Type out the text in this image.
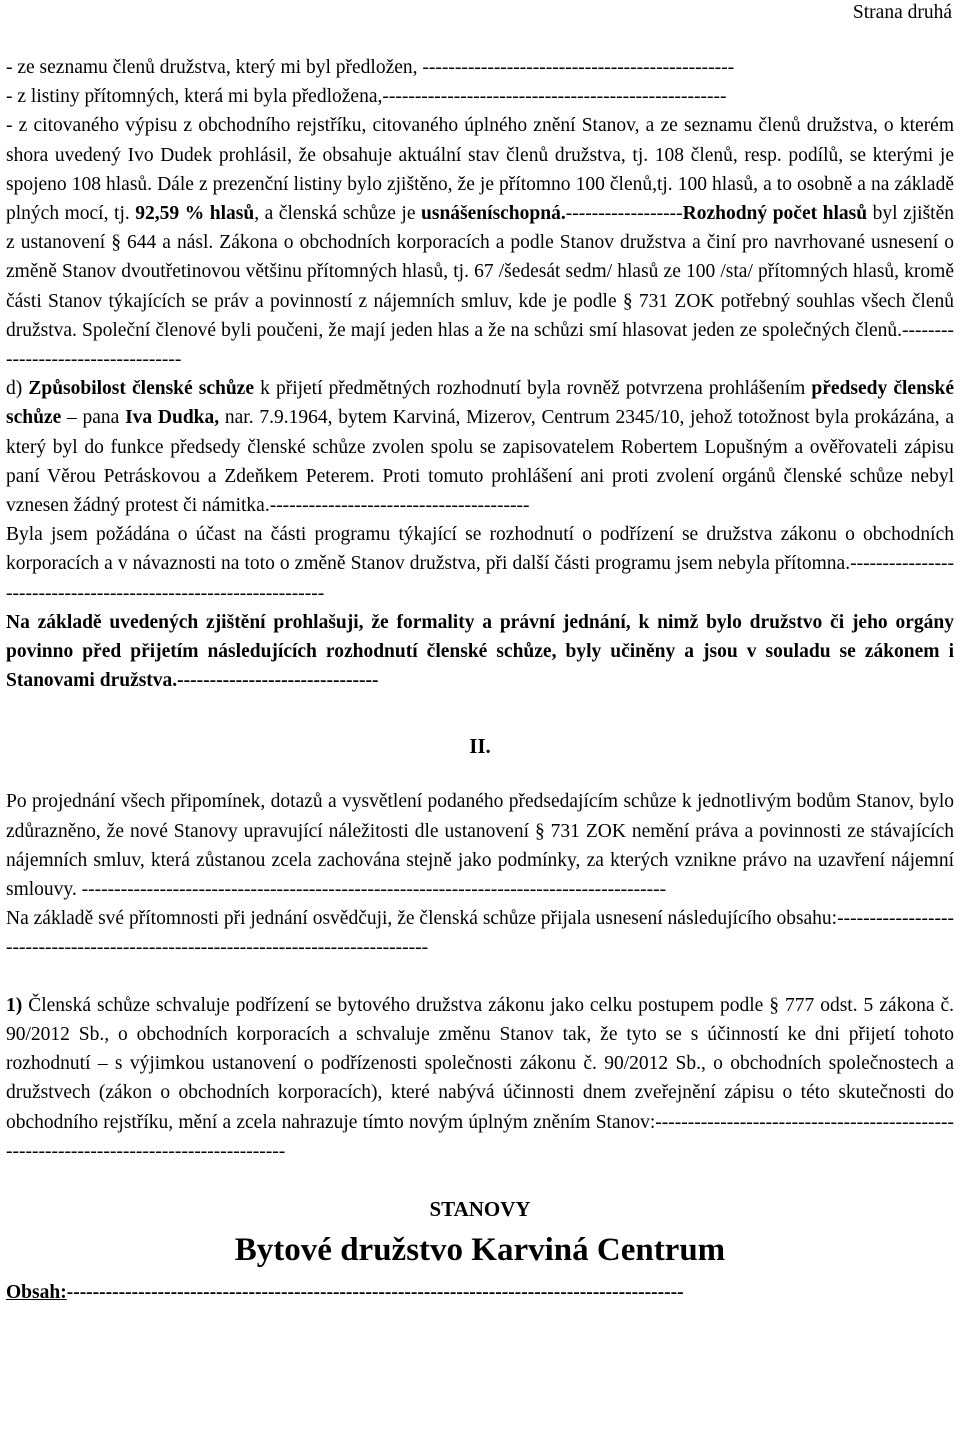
Strana druhá

- ze seznamu členů družstva, který mi byl předložen, ------------------------------------------------

- z listiny přítomných, která mi byla předložena,-----------------------------------------------------

- z citovaného výpisu z obchodního rejstříku, citovaného úplného znění Stanov, a ze seznamu členů družstva, o kterém shora uvedený Ivo Dudek prohlásil, že obsahuje aktuální stav členů družstva, tj. 108 členů, resp. podílů, se kterými je spojeno 108 hlasů. Dále z prezenční listiny bylo zjištěno, že je přítomno 100 členů,tj. 100 hlasů, a to osobně a na základě plných mocí, tj. 92,59 % hlasů, a členská schůze je usnášeníschopná.------------------Rozhodný počet hlasů byl zjištěn z ustanovení § 644 a násl. Zákona o obchodních korporacích a podle Stanov družstva a činí pro navrhované usnesení o změně Stanov dvoutřetinovou většinu přítomných hlasů, tj. 67 /šedesát sedm/ hlasů ze 100 /sta/ přítomných hlasů, kromě části Stanov týkajících se práv a povinností z nájemních smluv, kde je podle § 731 ZOK potřebný souhlas všech členů družstva. Společní členové byli poučeni, že mají jeden hlas a že na schůzi smí hlasovat jeden ze společných členů.-----------------------------------

d) Způsobilost členské schůze k přijetí předmětných rozhodnutí byla rovněž potvrzena prohlášením předsedy členské schůze – pana Iva Dudka, nar. 7.9.1964, bytem Karviná, Mizerov, Centrum 2345/10, jehož totožnost byla prokázána, a který byl do funkce předsedy členské schůze zvolen spolu se zapisovatelem Robertem Lopušným a ověřovateli zápisu paní Věrou Petráskovou a Zdeňkem Peterem. Proti tomuto prohlášení ani proti zvolení orgánů členské schůze nebyl vznesen žádný protest či námitka.----------------------------------------

Byla jsem požádána o účast na části programu týkající se rozhodnutí o podřízení se družstva zákonu o obchodních korporacích a v návaznosti na toto o změně Stanov družstva, při další části programu jsem nebyla přítomna.-----------------------------------------------------------------

Na základě uvedených zjištění prohlašuji, že formality a právní jednání, k nimž bylo družstvo či jeho orgány povinno před přijetím následujících rozhodnutí členské schůze, byly učiněny a jsou v souladu se zákonem i Stanovami družstva.-------------------------------

II.

Po projednání všech připomínek, dotazů a vysvětlení podaného předsedajícím schůze k jednotlivým bodům Stanov, bylo zdůrazněno, že nové Stanovy upravující náležitosti dle ustanovení § 731 ZOK nemění práva a povinnosti ze stávajících nájemních smluv, která zůstanou zcela zachována stejně jako podmínky, za kterých vznikne právo na uzavření nájemní smlouvy. ------------------------------------------------------------------------------------------

Na základě své přítomnosti při jednání osvědčuji, že členská schůze přijala usnesení následujícího obsahu:-----------------------------------------------------------------------------------

1) Členská schůze schvaluje podřízení se bytového družstva zákonu jako celku postupem podle § 777 odst. 5 zákona č. 90/2012 Sb., o obchodních korporacích a schvaluje změnu Stanov tak, že tyto se s účinností ke dni přijetí tohoto rozhodnutí – s výjimkou ustanovení o podřízenosti společnosti zákonu č. 90/2012 Sb., o obchodních společnostech a družstvech (zákon o obchodních korporacích), které nabývá účinnosti dnem zveřejnění zápisu o této skutečnosti do obchodního rejstříku, mění a zcela nahrazuje tímto novým úplným zněním Stanov:-----------------------------------------------------------------------------------------

STANOVY
Bytové družstvo Karviná Centrum
Obsah:-----------------------------------------------------------------------------------------------
